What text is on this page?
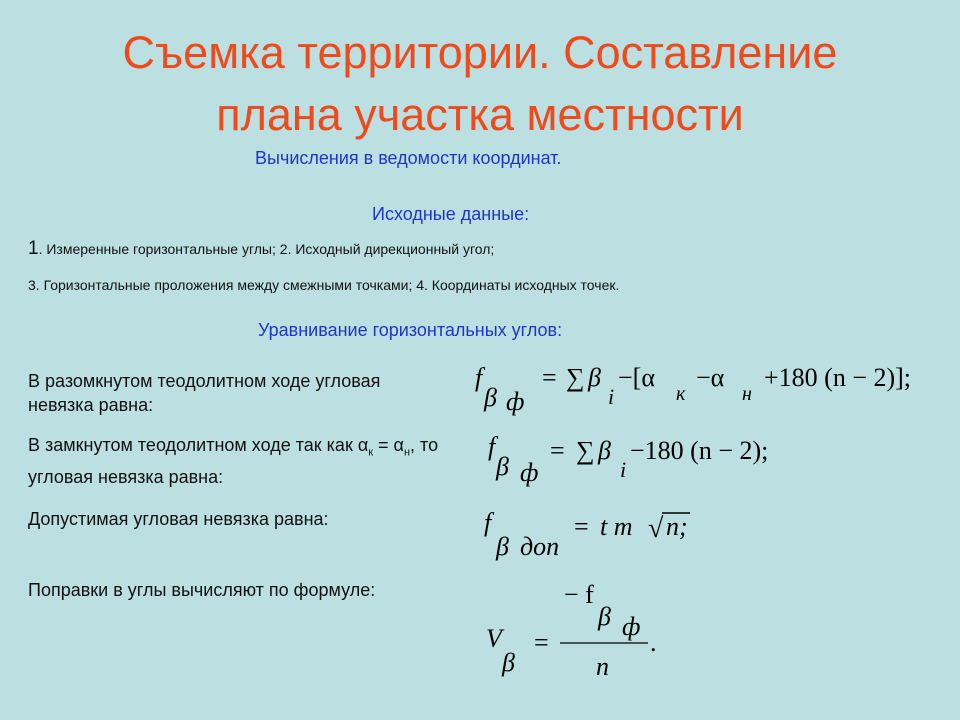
Съемка территории. Составление
плана участка местности
Вычисления в ведомости координат.
Исходные данные:
1. Измеренные горизонтальные углы; 2. Исходный дирекционный угол;
3. Горизонтальные проложения между смежными точками; 4. Координаты исходных точек.
Уравнивание горизонтальных углов:
В разомкнутом теодолитном ходе угловая невязка равна:
В замкнутом теодолитном ходе так как $\alpha_к = \alpha_н$, то угловая невязка равна:
Допустимая угловая невязка равна:
Поправки в углы вычисляют по формуле:
f
β ф
= ∑ β
i
−[α
к
−α
н
+180 (n − 2)];
f
β ф
= ∑ β
i
−180 (n − 2);
f
β доп
= t m √ n;
− f
β ф
V
β
=
n
.
